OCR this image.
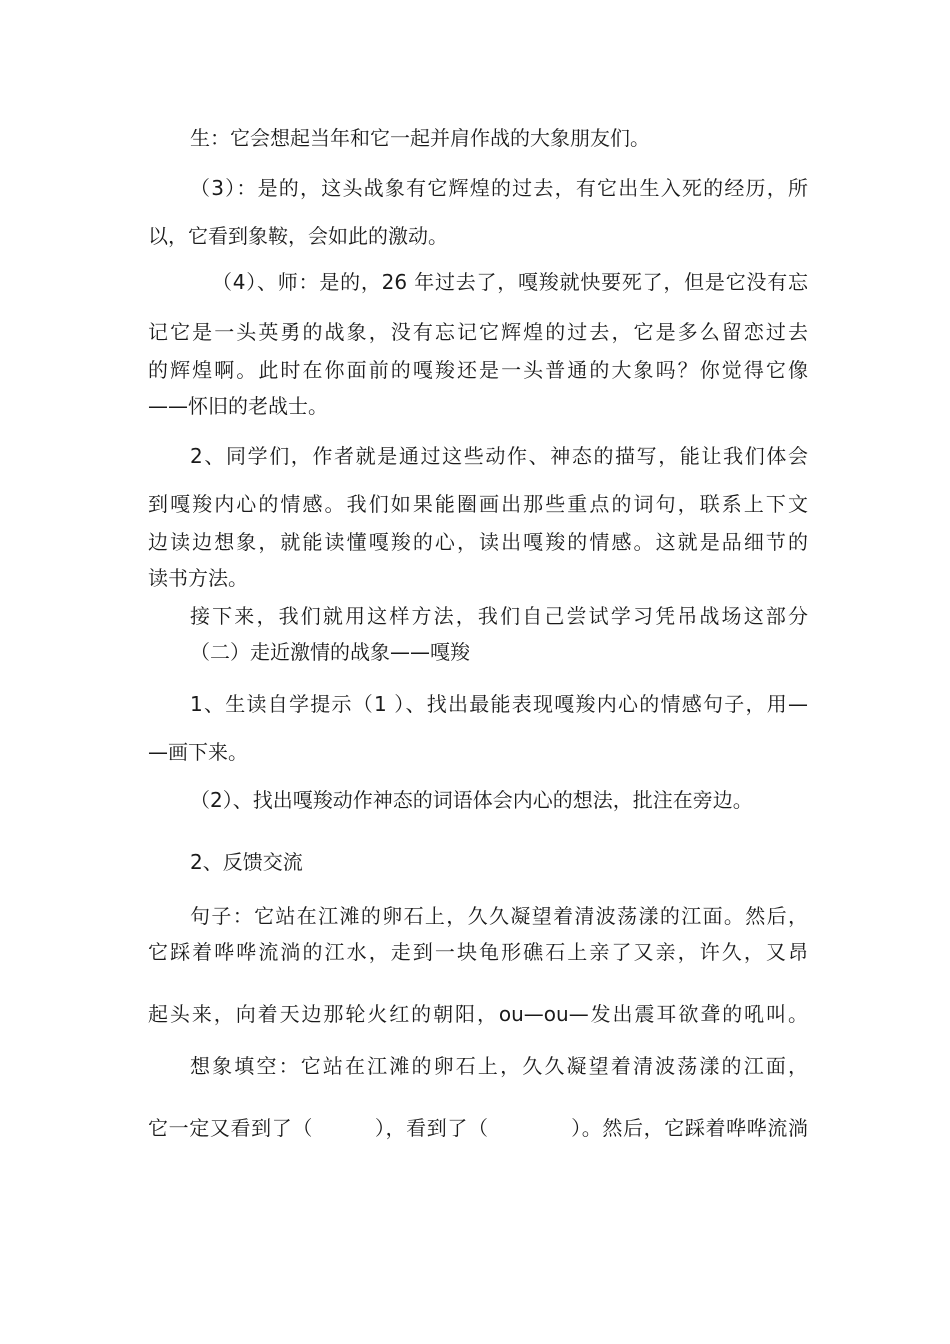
生：它会想起当年和它一起并肩作战的大象朋友们。
（3）：是的，这头战象有它辉煌的过去，有它出生入死的经历，所
以，它看到象鞍，会如此的激动。
（4）、师：是的，26 年过去了，嘎羧就快要死了，但是它没有忘
记它是一头英勇的战象，没有忘记它辉煌的过去，它是多么留恋过去
的辉煌啊。此时在你面前的嘎羧还是一头普通的大象吗？你觉得它像
——怀旧的老战士。
2、同学们，作者就是通过这些动作、神态的描写，能让我们体会
到嘎羧内心的情感。我们如果能圈画出那些重点的词句，联系上下文
边读边想象，就能读懂嘎羧的心，读出嘎羧的情感。这就是品细节的
读书方法。
接下来，我们就用这样方法，我们自己尝试学习凭吊战场这部分
（二）走近激情的战象——嘎羧
1、生读自学提示（1 ）、找出最能表现嘎羧内心的情感句子，用—
—画下来。
（2）、找出嘎羧动作神态的词语体会内心的想法，批注在旁边。
2、反馈交流
句子：它站在江滩的卵石上，久久凝望着清波荡漾的江面。然后，
它踩着哗哗流淌的江水，走到一块龟形礁石上亲了又亲，许久，又昂
起头来，向着天边那轮火红的朝阳，ou—ou—发出震耳欲聋的吼叫。
想象填空：它站在江滩的卵石上，久久凝望着清波荡漾的江面，
它一定又看到了（　　　），看到了（　　　　）。然后，它踩着哗哗流淌
